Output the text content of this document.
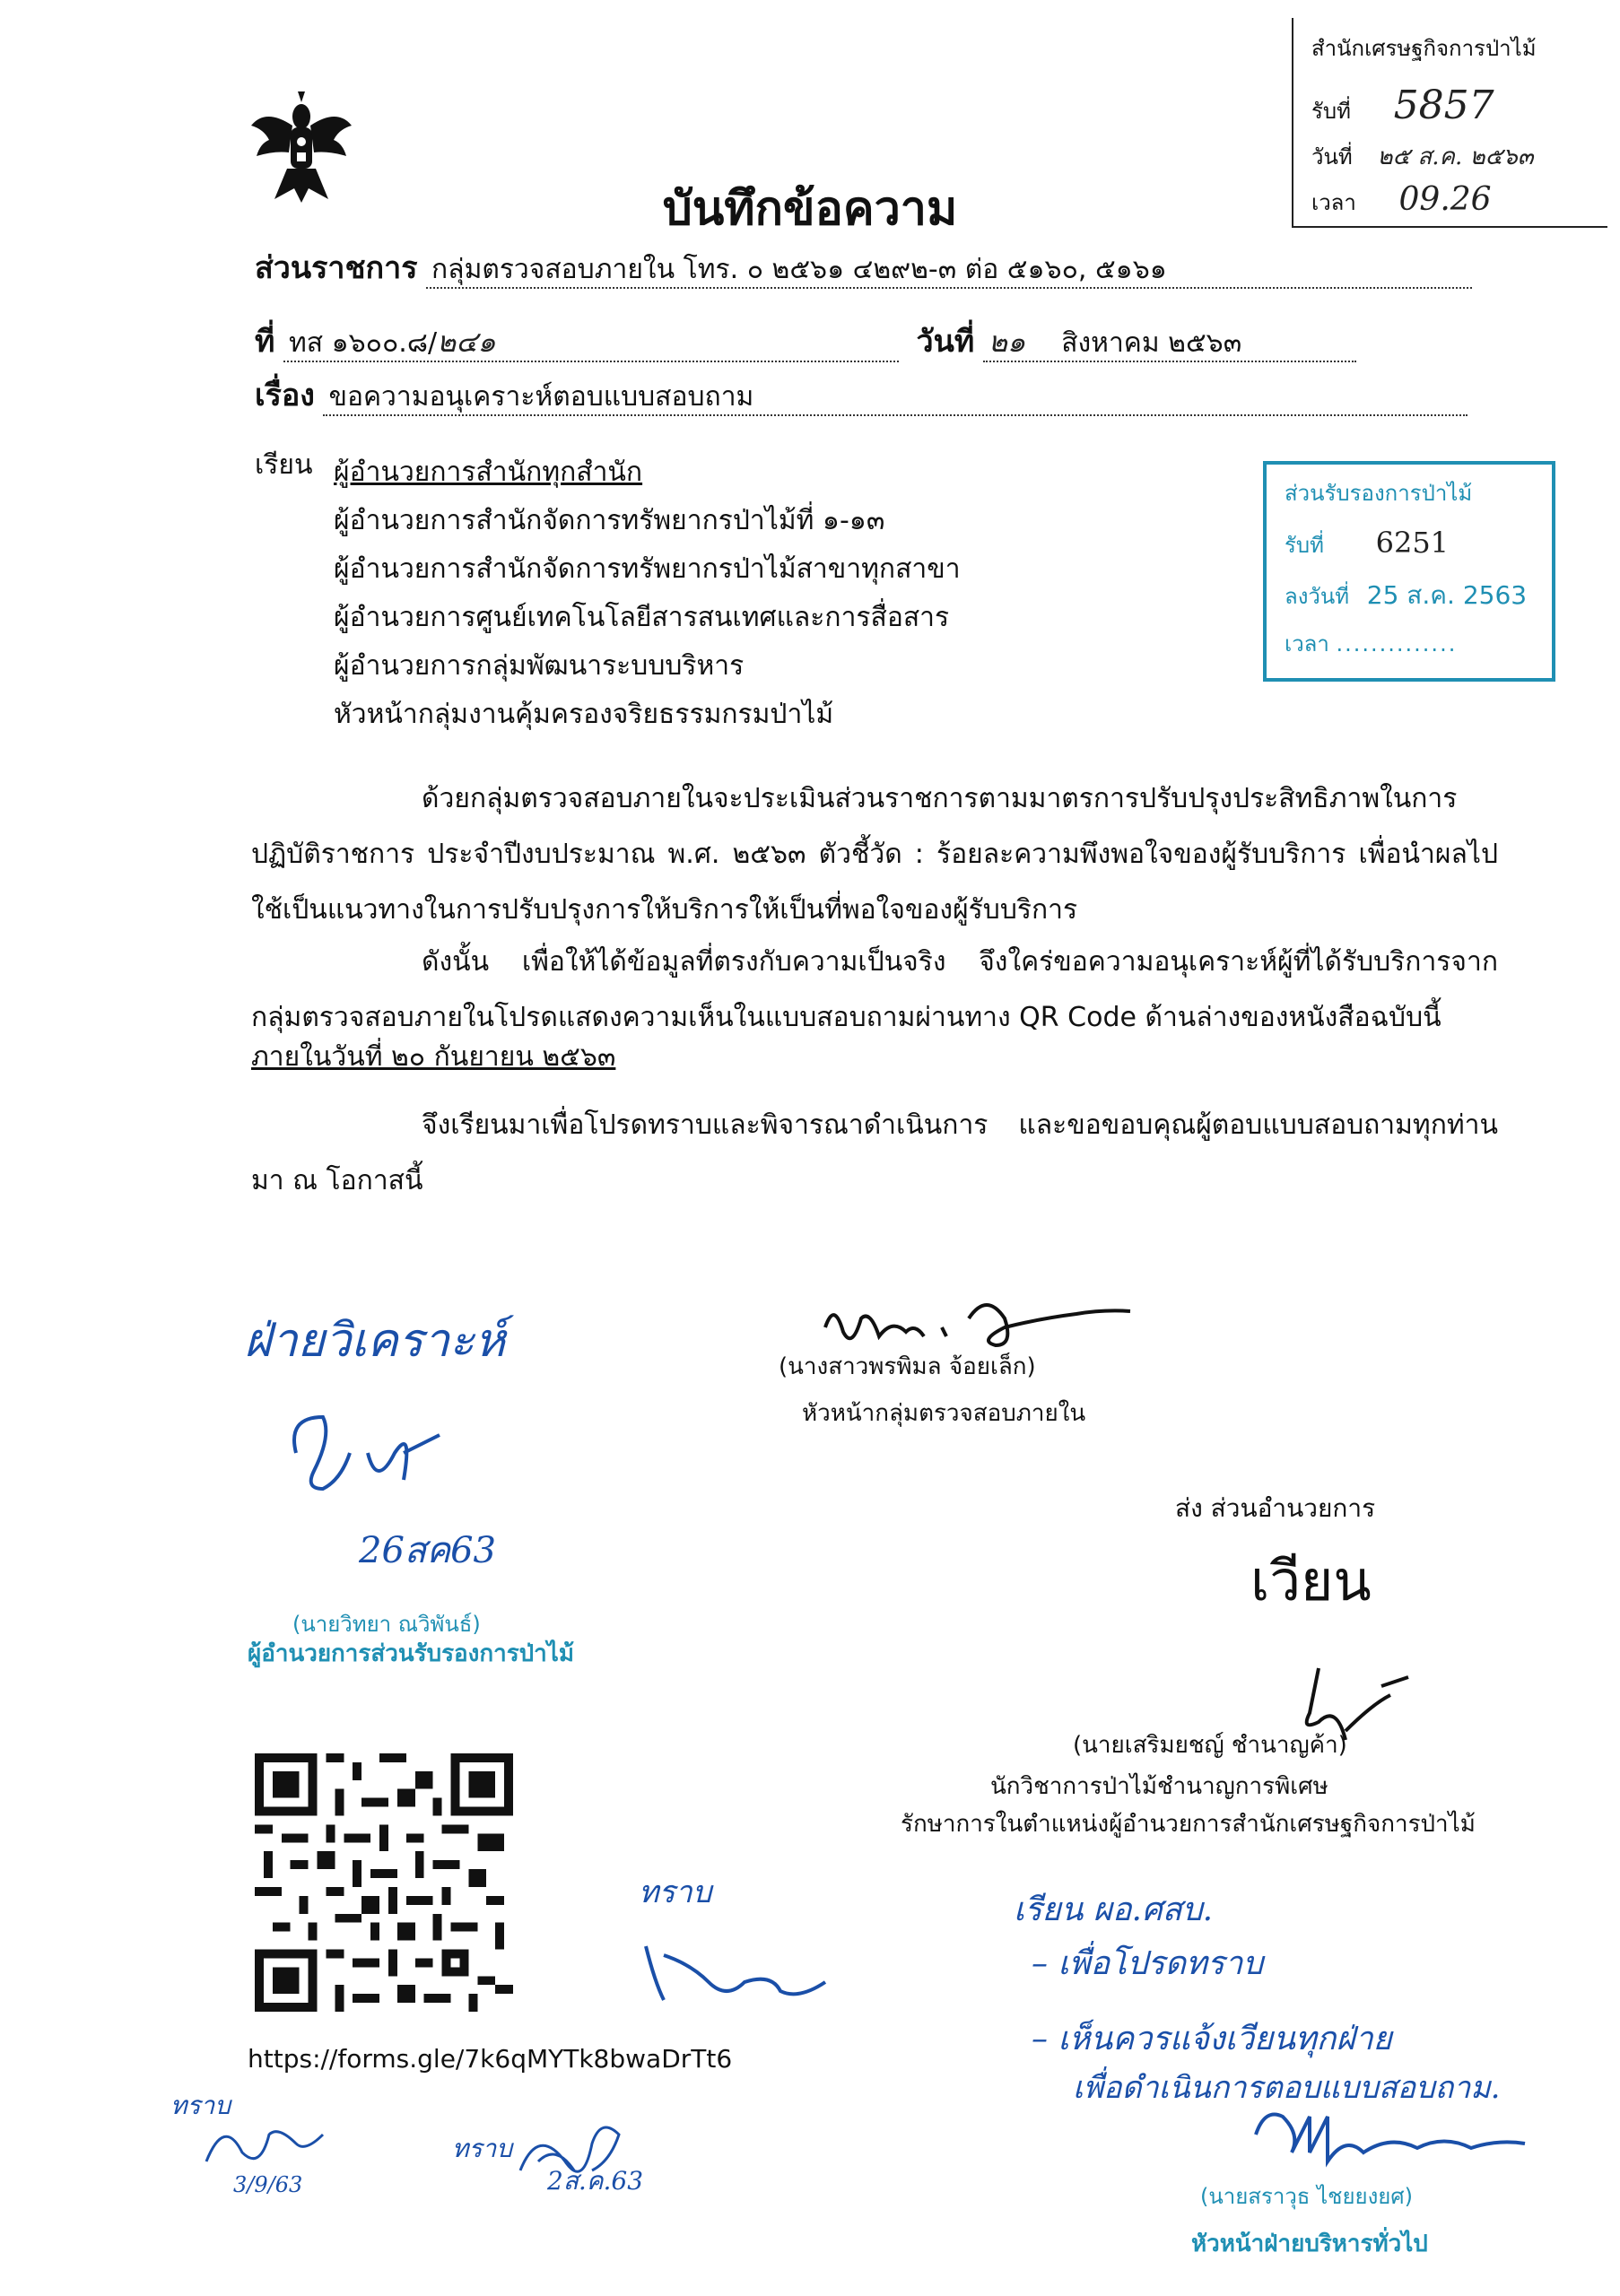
สำนักเศรษฐกิจการป่าไม้
รับที่ 5857
วันที่ ๒๕ ส.ค. ๒๕๖๓
เวลา 09.26
บันทึกข้อความ
ส่วนราชการ กลุ่มตรวจสอบภายใน โทร. ๐ ๒๕๖๑ ๔๒๙๒-๓ ต่อ ๕๑๖๐, ๕๑๖๑
ที่ ทส ๑๖๐๐.๘/๒๔๑	วันที่ ๒๑ สิงหาคม ๒๕๖๓
เรื่อง ขอความอนุเคราะห์ตอบแบบสอบถาม
เรียน ผู้อำนวยการสำนักทุกสำนัก
ผู้อำนวยการสำนักจัดการทรัพยากรป่าไม้ที่ ๑-๑๓
ผู้อำนวยการสำนักจัดการทรัพยากรป่าไม้สาขาทุกสาขา
ผู้อำนวยการศูนย์เทคโนโลยีสารสนเทศและการสื่อสาร
ผู้อำนวยการกลุ่มพัฒนาระบบบริหาร
หัวหน้ากลุ่มงานคุ้มครองจริยธรรมกรมป่าไม้
ส่วนรับรองการป่าไม้
รับที่ 6251
ลงวันที่ 25 ส.ค. 2563
เวลา ..............
ด้วยกลุ่มตรวจสอบภายในจะประเมินส่วนราชการตามมาตรการปรับปรุงประสิทธิภาพในการปฏิบัติราชการ ประจำปีงบประมาณ พ.ศ. ๒๕๖๓ ตัวชี้วัด : ร้อยละความพึงพอใจของผู้รับบริการ เพื่อนำผลไปใช้เป็นแนวทางในการปรับปรุงการให้บริการให้เป็นที่พอใจของผู้รับบริการ
ดังนั้น เพื่อให้ได้ข้อมูลที่ตรงกับความเป็นจริง จึงใคร่ขอความอนุเคราะห์ผู้ที่ได้รับบริการจากกลุ่มตรวจสอบภายในโปรดแสดงความเห็นในแบบสอบถามผ่านทาง QR Code ด้านล่างของหนังสือฉบับนี้
ภายในวันที่ ๒๐ กันยายน ๒๕๖๓
จึงเรียนมาเพื่อโปรดทราบและพิจารณาดำเนินการ และขอขอบคุณผู้ตอบแบบสอบถามทุกท่านมา ณ โอกาสนี้
(นางสาวพรพิมล จ้อยเล็ก)
หัวหน้ากลุ่มตรวจสอบภายใน
ฝ่ายวิเคราะห์
26สค63
(นายวิทยา ณวิพันธ์)
ผู้อำนวยการส่วนรับรองการป่าไม้
ส่ง ส่วนอำนวยการ
เวียน
(นายเสริมยชญ์ ชำนาญค้า)
นักวิชาการป่าไม้ชำนาญการพิเศษ
รักษาการในตำแหน่งผู้อำนวยการสำนักเศรษฐกิจการป่าไม้
https://forms.gle/7k6qMYTk8bwaDrTt6
ทราบ
ทราบ
3/9/63
ทราบ
2ส.ค.63
เรียน ผอ.ศสบ.
– เพื่อโปรดทราบ
– เห็นควรแจ้งเวียนทุกฝ่าย
เพื่อดำเนินการตอบแบบสอบถาม.
(นายสราวุธ ไชยยงยศ)
หัวหน้าฝ่ายบริหารทั่วไป
